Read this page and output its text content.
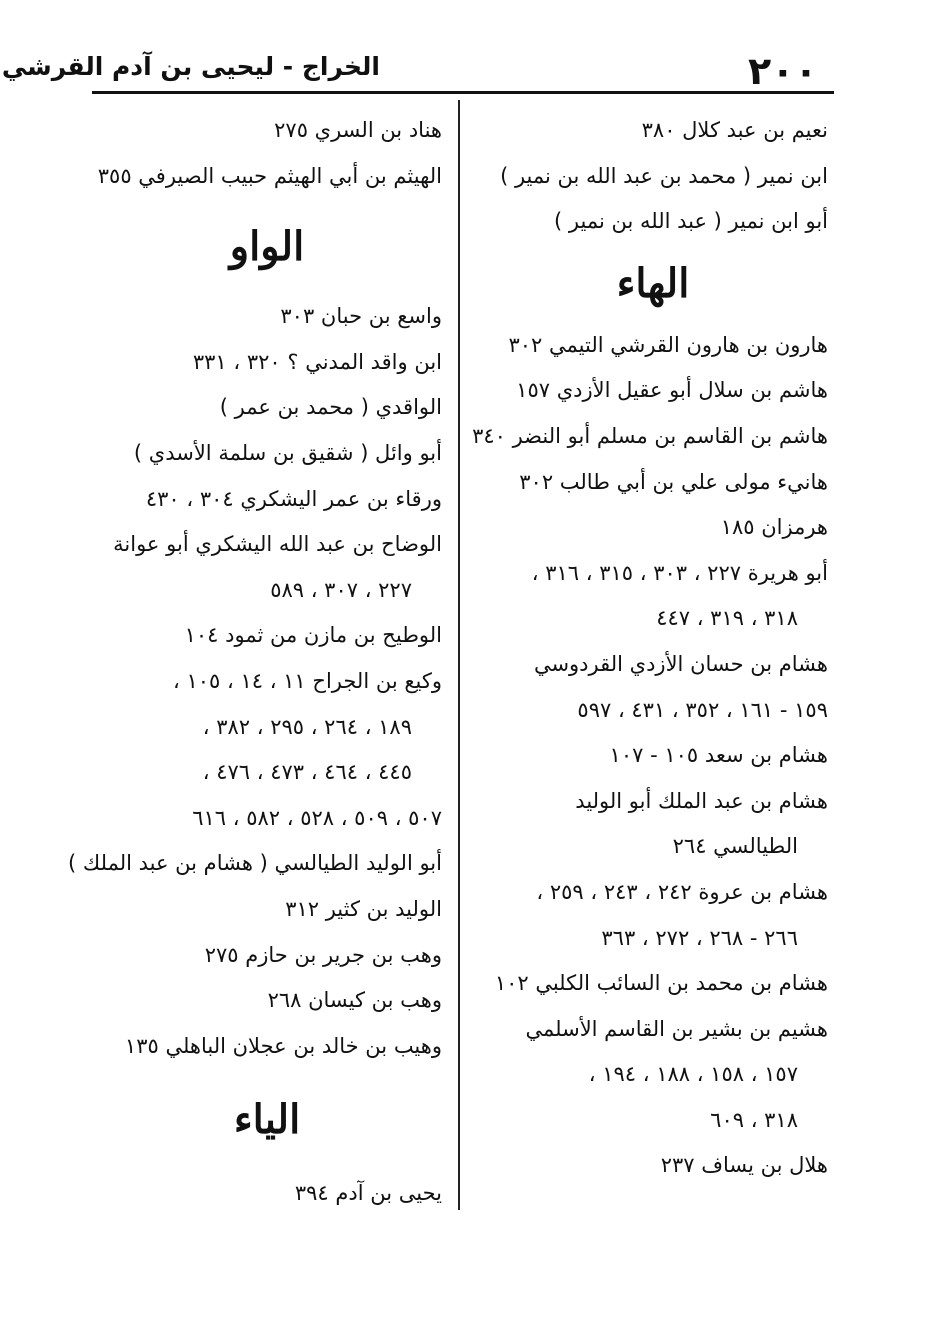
٢٠٠
الخراج - ليحيى بن آدم القرشي
نعيم بن عبد كلال ٣٨٠
ابن نمير ( محمد بن عبد الله بن نمير )
أبو ابن نمير ( عبد الله بن نمير )
الهاء
هارون بن هارون القرشي التيمي ٣٠٢
هاشم بن سلال أبو عقيل الأزدي ١٥٧
هاشم بن القاسم بن مسلم أبو النضر ٣٤٠
هانيء مولى علي بن أبي طالب ٣٠٢
هرمزان ١٨٥
أبو هريرة ٢٢٧ ، ٣٠٣ ، ٣١٥ ، ٣١٦ ،
٣١٨ ، ٣١٩ ، ٤٤٧
هشام بن حسان الأزدي القردوسي
١٥٩ - ١٦١ ، ٣٥٢ ، ٤٣١ ، ٥٩٧
هشام بن سعد ١٠٥ - ١٠٧
هشام بن عبد الملك أبو الوليد
الطيالسي ٢٦٤
هشام بن عروة ٢٤٢ ، ٢٤٣ ، ٢٥٩ ،
٢٦٦ - ٢٦٨ ، ٢٧٢ ، ٣٦٣
هشام بن محمد بن السائب الكلبي ١٠٢
هشيم بن بشير بن القاسم الأسلمي
١٥٧ ، ١٥٨ ، ١٨٨ ، ١٩٤ ،
٣١٨ ، ٦٠٩
هلال بن يساف ٢٣٧
هناد بن السري ٢٧٥
الهيثم بن أبي الهيثم حبيب الصيرفي ٣٥٥
الواو
واسع بن حبان ٣٠٣
ابن واقد المدني ؟ ٣٢٠ ، ٣٣١
الواقدي ( محمد بن عمر )
أبو وائل ( شقيق بن سلمة الأسدي )
ورقاء بن عمر اليشكري ٣٠٤ ، ٤٣٠
الوضاح بن عبد الله اليشكري أبو عوانة
٢٢٧ ، ٣٠٧ ، ٥٨٩
الوطيح بن مازن من ثمود ١٠٤
وكيع بن الجراح ١١ ، ١٤ ، ١٠٥ ،
١٨٩ ، ٢٦٤ ، ٢٩٥ ، ٣٨٢ ،
٤٤٥ ، ٤٦٤ ، ٤٧٣ ، ٤٧٦ ،
٥٠٧ ، ٥٠٩ ، ٥٢٨ ، ٥٨٢ ، ٦١٦
أبو الوليد الطيالسي ( هشام بن عبد الملك )
الوليد بن كثير ٣١٢
وهب بن جرير بن حازم ٢٧٥
وهب بن كيسان ٢٦٨
وهيب بن خالد بن عجلان الباهلي ١٣٥
الياء
يحيى بن آدم ٣٩٤
